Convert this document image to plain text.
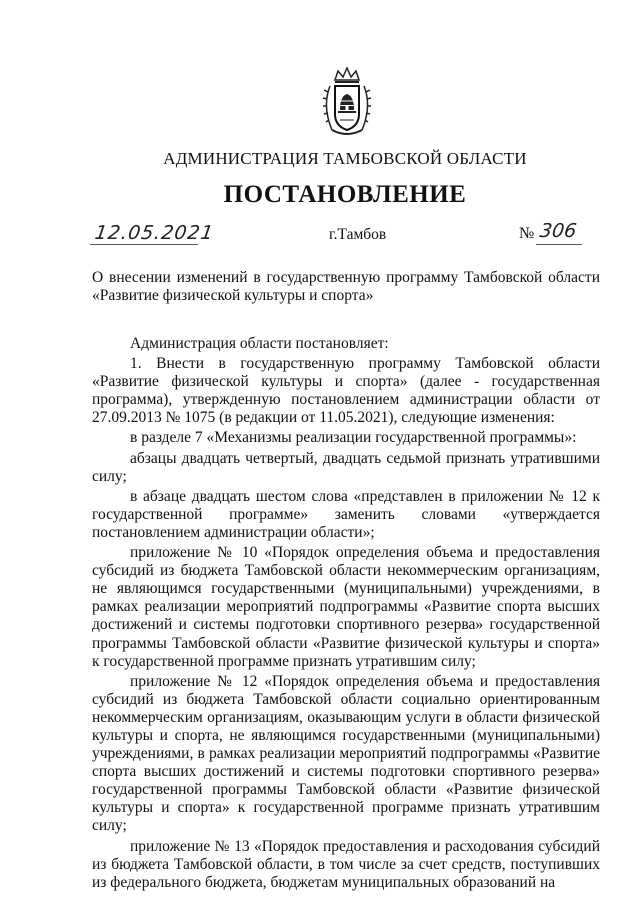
АДМИНИСТРАЦИЯ ТАМБОВСКОЙ ОБЛАСТИ
ПОСТАНОВЛЕНИЕ
12.05.2021	г.Тамбов	№ 306
О внесении изменений в государственную программу Тамбовской области
«Развитие физической культуры и спорта»

Администрация области постановляет:

1. Внести в государственную программу Тамбовской области «Развитие физической культуры и спорта» (далее - государственная программа), утвержденную постановлением администрации области от 27.09.2013 № 1075 (в редакции от 11.05.2021), следующие изменения:

в разделе 7 «Механизмы реализации государственной программы»:

абзацы двадцать четвертый, двадцать седьмой признать утратившими силу;

в абзаце двадцать шестом слова «представлен в приложении № 12 к государственной программе» заменить словами «утверждается постановлением администрации области»;

приложение № 10 «Порядок определения объема и предоставления субсидий из бюджета Тамбовской области некоммерческим организациям, не являющимся государственными (муниципальными) учреждениями, в рамках реализации мероприятий подпрограммы «Развитие спорта высших достижений и системы подготовки спортивного резерва» государственной программы Тамбовской области «Развитие физической культуры и спорта» к государственной программе признать утратившим силу;

приложение № 12 «Порядок определения объема и предоставления субсидий из бюджета Тамбовской области социально ориентированным некоммерческим организациям, оказывающим услуги в области физической культуры и спорта, не являющимся государственными (муниципальными) учреждениями, в рамках реализации мероприятий подпрограммы «Развитие спорта высших достижений и системы подготовки спортивного резерва» государственной программы Тамбовской области «Развитие физической культуры и спорта» к государственной программе признать утратившим силу;

приложение № 13 «Порядок предоставления и расходования субсидий из бюджета Тамбовской области, в том числе за счет средств, поступивших из федерального бюджета, бюджетам муниципальных образований на
